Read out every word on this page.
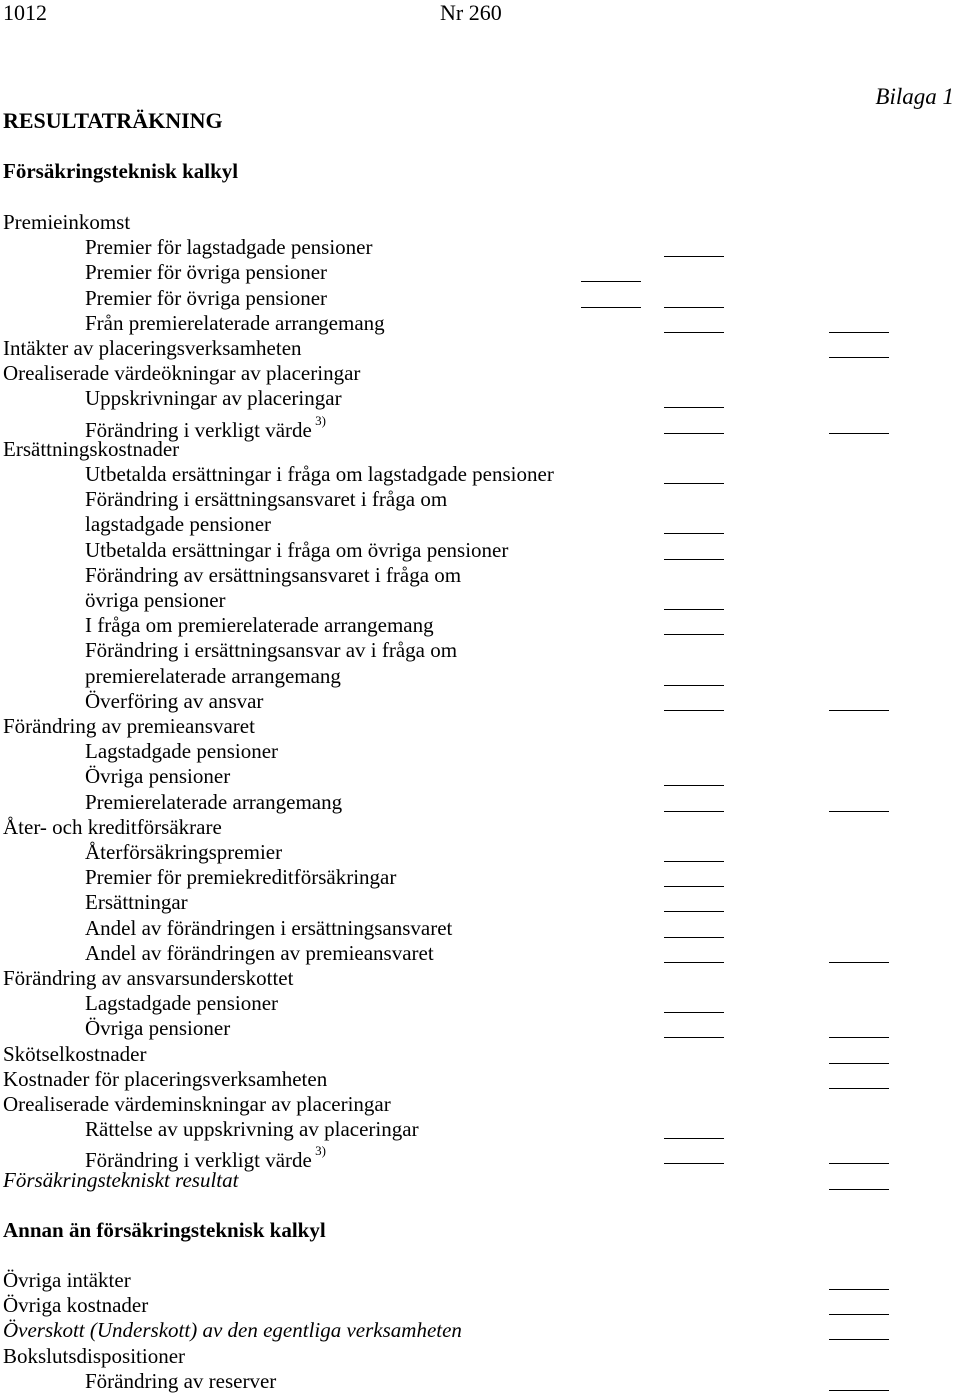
1012	Nr 260
Bilaga 1
RESULTATRÄKNING
Försäkringsteknisk kalkyl
Annan än försäkringsteknisk kalkyl
Premieinkomst
Premier för lagstadgade pensioner
Premier för övriga pensioner
Premier för övriga pensioner
Från premierelaterade arrangemang
Intäkter av placeringsverksamheten
Orealiserade värdeökningar av placeringar
Uppskrivningar av placeringar
Förändring i verkligt värde $^{3)}$
Ersättningskostnader
Utbetalda ersättningar i fråga om lagstadgade pensioner
Förändring i ersättningsansvaret i fråga om
lagstadgade pensioner
Utbetalda ersättningar i fråga om övriga pensioner
Förändring av ersättningsansvaret i fråga om
övriga pensioner
I fråga om premierelaterade arrangemang
Förändring i ersättningsansvar av i fråga om
premierelaterade arrangemang
Överföring av ansvar
Förändring av premieansvaret
Lagstadgade pensioner
Övriga pensioner
Premierelaterade arrangemang
Åter- och kreditförsäkrare
Återförsäkringspremier
Premier för premiekreditförsäkringar
Ersättningar
Andel av förändringen i ersättningsansvaret
Andel av förändringen av premieansvaret
Förändring av ansvarsunderskottet
Lagstadgade pensioner
Övriga pensioner
Skötselkostnader
Kostnader för placeringsverksamheten
Orealiserade värdeminskningar av placeringar
Rättelse av uppskrivning av placeringar
Förändring i verkligt värde $^{3)}$
Försäkringstekniskt resultat
Övriga intäkter
Övriga kostnader
Överskott (Underskott) av den egentliga verksamheten
Bokslutsdispositioner
Förändring av reserver
